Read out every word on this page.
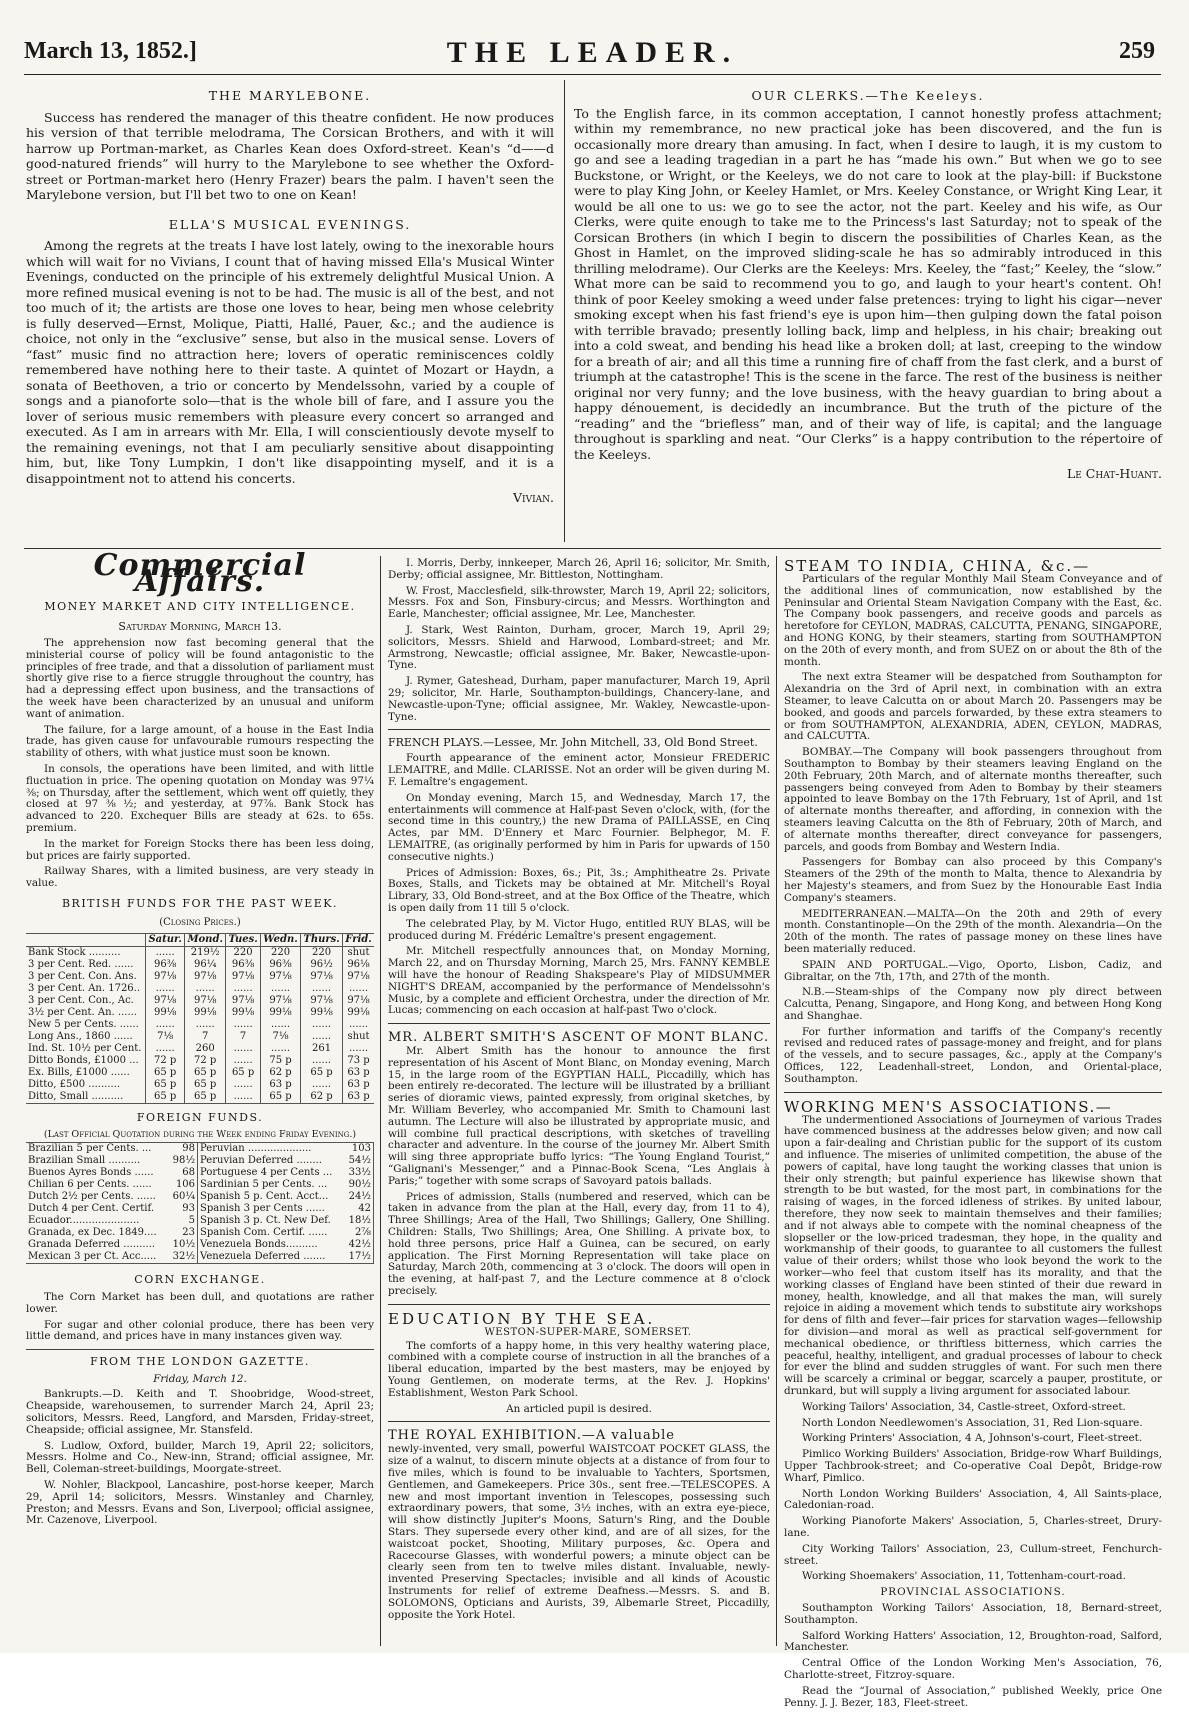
March 13, 1852.]	THE LEADER.	259
THE MARYLEBONE.

Success has rendered the manager of this theatre confident. He now produces his version of that terrible melodrama, The Corsican Brothers, and with it will harrow up Portman-market, as Charles Kean does Oxford-street. Kean's “d——d good-natured friends” will hurry to the Marylebone to see whether the Oxford-street or Portman-market hero (Henry Frazer) bears the palm. I haven't seen the Marylebone version, but I'll bet two to one on Kean!

ELLA'S MUSICAL EVENINGS.

Among the regrets at the treats I have lost lately, owing to the inexorable hours which will wait for no Vivians, I count that of having missed Ella's Musical Winter Evenings, conducted on the principle of his extremely delightful Musical Union. A more refined musical evening is not to be had. The music is all of the best, and not too much of it; the artists are those one loves to hear, being men whose celebrity is fully deserved—Ernst, Molique, Piatti, Hallé, Pauer, &c.; and the audience is choice, not only in the “exclusive” sense, but also in the musical sense. Lovers of “fast” music find no attraction here; lovers of operatic reminiscences coldly remembered have nothing here to their taste. A quintet of Mozart or Haydn, a sonata of Beethoven, a trio or concerto by Mendelssohn, varied by a couple of songs and a pianoforte solo—that is the whole bill of fare, and I assure you the lover of serious music remembers with pleasure every concert so arranged and executed. As I am in arrears with Mr. Ella, I will conscientiously devote myself to the remaining evenings, not that I am peculiarly sensitive about disappointing him, but, like Tony Lumpkin, I don't like disappointing myself, and it is a disappointment not to attend his concerts.

Vivian.

OUR CLERKS.—The Keeleys.

To the English farce, in its common acceptation, I cannot honestly profess attachment; within my remembrance, no new practical joke has been discovered, and the fun is occasionally more dreary than amusing. In fact, when I desire to laugh, it is my custom to go and see a leading tragedian in a part he has “made his own.” But when we go to see Buckstone, or Wright, or the Keeleys, we do not care to look at the play-bill: if Buckstone were to play King John, or Keeley Hamlet, or Mrs. Keeley Constance, or Wright King Lear, it would be all one to us: we go to see the actor, not the part. Keeley and his wife, as Our Clerks, were quite enough to take me to the Princess's last Saturday; not to speak of the Corsican Brothers (in which I begin to discern the possibilities of Charles Kean, as the Ghost in Hamlet, on the improved sliding-scale he has so admirably introduced in this thrilling melodrame). Our Clerks are the Keeleys: Mrs. Keeley, the “fast;” Keeley, the “slow.” What more can be said to recommend you to go, and laugh to your heart's content. Oh! think of poor Keeley smoking a weed under false pretences: trying to light his cigar—never smoking except when his fast friend's eye is upon him—then gulping down the fatal poison with terrible bravado; presently lolling back, limp and helpless, in his chair; breaking out into a cold sweat, and bending his head like a broken doll; at last, creeping to the window for a breath of air; and all this time a running fire of chaff from the fast clerk, and a burst of triumph at the catastrophe! This is the scene in the farce. The rest of the business is neither original nor very funny; and the love business, with the heavy guardian to bring about a happy dénouement, is decidedly an incumbrance. But the truth of the picture of the “reading” and the “briefless” man, and of their way of life, is capital; and the language throughout is sparkling and neat. “Our Clerks” is a happy contribution to the répertoire of the Keeleys.

Le Chat-Huant.

Commercial Affairs.
MONEY MARKET AND CITY INTELLIGENCE.

Saturday Morning, March 13.

The apprehension now fast becoming general that the ministerial course of policy will be found antagonistic to the principles of free trade, and that a dissolution of parliament must shortly give rise to a fierce struggle throughout the country, has had a depressing effect upon business, and the transactions of the week have been characterized by an unusual and uniform want of animation.

The failure, for a large amount, of a house in the East India trade, has given cause for unfavourable rumours respecting the stability of others, with what justice must soon be known.

In consols, the operations have been limited, and with little fluctuation in price. The opening quotation on Monday was 97¼ ⅜; on Thursday, after the settlement, which went off quietly, they closed at 97 ⅜ ½; and yesterday, at 97⅞. Bank Stock has advanced to 220. Exchequer Bills are steady at 62s. to 65s. premium.

In the market for Foreign Stocks there has been less doing, but prices are fairly supported.

Railway Shares, with a limited business, are very steady in value.

BRITISH FUNDS FOR THE PAST WEEK.

(Closing Prices.)

	Satur.	Mond.	Tues.	Wedn.	Thurs.	Frid.
Bank Stock ..........	......	219½	220	220	220	shut
3 per Cent. Red. ......	96⅜	96¼	96⅜	96⅜	96½	96⅛
3 per Cent. Con. Ans.	97⅛	97⅛	97⅛	97⅛	97⅛	97⅛
3 per Cent. An. 1726..	......	......	......	......	......	......
3 per Cent. Con., Ac.	97⅛	97⅛	97⅛	97⅛	97⅛	97⅛
3½ per Cent. An. ......	99⅛	99⅛	99⅛	99⅛	99⅛	99⅛
New 5 per Cents. ......	......	......	......	......	......	......
Long Ans., 1860 ......	7⅛	7	7	7⅛	......	shut
Ind. St. 10½ per Cent.	......	260	......	......	261	......
Ditto Bonds, £1000 ...	72 p	72 p	......	75 p	......	73 p
Ex. Bills, £1000 ......	65 p	65 p	65 p	62 p	65 p	63 p
Ditto, £500 ..........	65 p	65 p	......	63 p	......	63 p
Ditto, Small ..........	65 p	65 p	......	65 p	62 p	63 p
FOREIGN FUNDS.

(Last Official Quotation during the Week ending Friday Evening.)

Brazilian 5 per Cents. ...	98	Peruvian ....................	103
Brazilian Small ..........	98½	Peruvian Deferred ........	54½
Buenos Ayres Bonds ......	68	Portuguese 4 per Cents ...	33½
Chilian 6 per Cents. ......	106	Sardinian 5 per Cents. ...	90½
Dutch 2½ per Cents. ......	60¼	Spanish 5 p. Cent. Acct...	24½
Dutch 4 per Cent. Certif.	93	Spanish 3 per Cents ......	42
Ecuador......................	5	Spanish 3 p. Ct. New Def.	18½
Granada, ex Dec. 1849....	23	Spanish Com. Certif. ......	2⅞
Granada Deferred ..........	10½	Venezuela Bonds..........	42½
Mexican 3 per Ct. Acc.....	32½	Venezuela Deferred .......	17½
CORN EXCHANGE.

The Corn Market has been dull, and quotations are rather lower.

For sugar and other colonial produce, there has been very little demand, and prices have in many instances given way.

FROM THE LONDON GAZETTE.

Friday, March 12.

Bankrupts.—D. Keith and T. Shoobridge, Wood-street, Cheapside, warehousemen, to surrender March 24, April 23; solicitors, Messrs. Reed, Langford, and Marsden, Friday-street, Cheapside; official assignee, Mr. Stansfeld.

S. Ludlow, Oxford, builder, March 19, April 22; solicitors, Messrs. Holme and Co., New-inn, Strand; official assignee, Mr. Bell, Coleman-street-buildings, Moorgate-street.

W. Nohler, Blackpool, Lancashire, post-horse keeper, March 29, April 14; solicitors, Messrs. Winstanley and Charnley, Preston; and Messrs. Evans and Son, Liverpool; official assignee, Mr. Cazenove, Liverpool.

I. Morris, Derby, innkeeper, March 26, April 16; solicitor, Mr. Smith, Derby; official assignee, Mr. Bittleston, Nottingham.

W. Frost, Macclesfield, silk-throwster, March 19, April 22; solicitors, Messrs. Fox and Son, Finsbury-circus; and Messrs. Worthington and Earle, Manchester; official assignee, Mr. Lee, Manchester.

J. Stark, West Rainton, Durham, grocer, March 19, April 29; solicitors, Messrs. Shield and Harwood, Lombard-street; and Mr. Armstrong, Newcastle; official assignee, Mr. Baker, Newcastle-upon-Tyne.

J. Rymer, Gateshead, Durham, paper manufacturer, March 19, April 29; solicitor, Mr. Harle, Southampton-buildings, Chancery-lane, and Newcastle-upon-Tyne; official assignee, Mr. Wakley, Newcastle-upon-Tyne.

FRENCH PLAYS.—Lessee, Mr. John Mitchell, 33, Old Bond Street.

Fourth appearance of the eminent actor, Monsieur FREDERIC LEMAITRE, and Mdlle. CLARISSE. Not an order will be given during M. F. Lemaître's engagement.

On Monday evening, March 15, and Wednesday, March 17, the entertainments will commence at Half-past Seven o'clock, with, (for the second time in this country,) the new Drama of PAILLASSE, en Cinq Actes, par MM. D'Ennery et Marc Fournier. Belphegor, M. F. LEMAITRE, (as originally performed by him in Paris for upwards of 150 consecutive nights.)

Prices of Admission: Boxes, 6s.; Pit, 3s.; Amphitheatre 2s. Private Boxes, Stalls, and Tickets may be obtained at Mr. Mitchell's Royal Library, 33, Old Bond-street, and at the Box Office of the Theatre, which is open daily from 11 till 5 o'clock.

The celebrated Play, by M. Victor Hugo, entitled RUY BLAS, will be produced during M. Frédéric Lemaître's present engagement.

Mr. Mitchell respectfully announces that, on Monday Morning, March 22, and on Thursday Morning, March 25, Mrs. FANNY KEMBLE will have the honour of Reading Shakspeare's Play of MIDSUMMER NIGHT'S DREAM, accompanied by the performance of Mendelssohn's Music, by a complete and efficient Orchestra, under the direction of Mr. Lucas; commencing on each occasion at half-past Two o'clock.

MR. ALBERT SMITH'S ASCENT OF MONT BLANC.

Mr. Albert Smith has the honour to announce the first representation of his Ascent of Mont Blanc, on Monday evening, March 15, in the large room of the EGYPTIAN HALL, Piccadilly, which has been entirely re-decorated. The lecture will be illustrated by a brilliant series of dioramic views, painted expressly, from original sketches, by Mr. William Beverley, who accompanied Mr. Smith to Chamouni last autumn. The Lecture will also be illustrated by appropriate music, and will combine full practical descriptions, with sketches of travelling character and adventure. In the course of the journey Mr. Albert Smith will sing three appropriate buffo lyrics: “The Young England Tourist,” “Galignani's Messenger,” and a Pinnac-Book Scena, “Les Anglais à Paris;” together with some scraps of Savoyard patois ballads.

Prices of admission, Stalls (numbered and reserved, which can be taken in advance from the plan at the Hall, every day, from 11 to 4), Three Shillings; Area of the Hall, Two Shillings; Gallery, One Shilling. Children: Stalls, Two Shillings; Area, One Shilling. A private box, to hold three persons, price Half a Guinea, can be secured, on early application. The First Morning Representation will take place on Saturday, March 20th, commencing at 3 o'clock. The doors will open in the evening, at half-past 7, and the Lecture commence at 8 o'clock precisely.

EDUCATION BY THE SEA.

WESTON-SUPER-MARE, SOMERSET.

The comforts of a happy home, in this very healthy watering place, combined with a complete course of instruction in all the branches of a liberal education, imparted by the best masters, may be enjoyed by Young Gentlemen, on moderate terms, at the Rev. J. Hopkins' Establishment, Weston Park School.

An articled pupil is desired.

THE ROYAL EXHIBITION.—A valuable

newly-invented, very small, powerful WAISTCOAT POCKET GLASS, the size of a walnut, to discern minute objects at a distance of from four to five miles, which is found to be invaluable to Yachters, Sportsmen, Gentlemen, and Gamekeepers. Price 30s., sent free.—TELESCOPES. A new and most important invention in Telescopes, possessing such extraordinary powers, that some, 3½ inches, with an extra eye-piece, will show distinctly Jupiter's Moons, Saturn's Ring, and the Double Stars. They supersede every other kind, and are of all sizes, for the waistcoat pocket, Shooting, Military purposes, &c. Opera and Racecourse Glasses, with wonderful powers; a minute object can be clearly seen from ten to twelve miles distant. Invaluable, newly-invented Preserving Spectacles; invisible and all kinds of Acoustic Instruments for relief of extreme Deafness.—Messrs. S. and B. SOLOMONS, Opticians and Aurists, 39, Albemarle Street, Piccadilly, opposite the York Hotel.

STEAM TO INDIA, CHINA, &c.—

Particulars of the regular Monthly Mail Steam Conveyance and of the additional lines of communication, now established by the Peninsular and Oriental Steam Navigation Company with the East, &c. The Company book passengers, and receive goods and parcels as heretofore for CEYLON, MADRAS, CALCUTTA, PENANG, SINGAPORE, and HONG KONG, by their steamers, starting from SOUTHAMPTON on the 20th of every month, and from SUEZ on or about the 8th of the month.

The next extra Steamer will be despatched from Southampton for Alexandria on the 3rd of April next, in combination with an extra Steamer, to leave Calcutta on or about March 20. Passengers may be booked, and goods and parcels forwarded, by these extra steamers to or from SOUTHAMPTON, ALEXANDRIA, ADEN, CEYLON, MADRAS, and CALCUTTA.

BOMBAY.—The Company will book passengers throughout from Southampton to Bombay by their steamers leaving England on the 20th February, 20th March, and of alternate months thereafter, such passengers being conveyed from Aden to Bombay by their steamers appointed to leave Bombay on the 17th February, 1st of April, and 1st of alternate months thereafter, and affording, in connexion with the steamers leaving Calcutta on the 8th of February, 20th of March, and of alternate months thereafter, direct conveyance for passengers, parcels, and goods from Bombay and Western India.

Passengers for Bombay can also proceed by this Company's Steamers of the 29th of the month to Malta, thence to Alexandria by her Majesty's steamers, and from Suez by the Honourable East India Company's steamers.

MEDITERRANEAN.—MALTA—On the 20th and 29th of every month. Constantinople—On the 29th of the month. Alexandria—On the 20th of the month. The rates of passage money on these lines have been materially reduced.

SPAIN AND PORTUGAL.—Vigo, Oporto, Lisbon, Cadiz, and Gibraltar, on the 7th, 17th, and 27th of the month.

N.B.—Steam-ships of the Company now ply direct between Calcutta, Penang, Singapore, and Hong Kong, and between Hong Kong and Shanghae.

For further information and tariffs of the Company's recently revised and reduced rates of passage-money and freight, and for plans of the vessels, and to secure passages, &c., apply at the Company's Offices, 122, Leadenhall-street, London, and Oriental-place, Southampton.

WORKING MEN'S ASSOCIATIONS.—

The undermentioned Associations of Journeymen of various Trades have commenced business at the addresses below given; and now call upon a fair-dealing and Christian public for the support of its custom and influence. The miseries of unlimited competition, the abuse of the powers of capital, have long taught the working classes that union is their only strength; but painful experience has likewise shown that strength to be but wasted, for the most part, in combinations for the raising of wages, in the forced idleness of strikes. By united labour, therefore, they now seek to maintain themselves and their families; and if not always able to compete with the nominal cheapness of the slopseller or the low-priced tradesman, they hope, in the quality and workmanship of their goods, to guarantee to all customers the fullest value of their orders; whilst those who look beyond the work to the worker—who feel that custom itself has its morality, and that the working classes of England have been stinted of their due reward in money, health, knowledge, and all that makes the man, will surely rejoice in aiding a movement which tends to substitute airy workshops for dens of filth and fever—fair prices for starvation wages—fellowship for division—and moral as well as practical self-government for mechanical obedience, or thriftless bitterness, which carries the peaceful, healthy, intelligent, and gradual processes of labour to check for ever the blind and sudden struggles of want. For such men there will be scarcely a criminal or beggar, scarcely a pauper, prostitute, or drunkard, but will supply a living argument for associated labour.

Working Tailors' Association, 34, Castle-street, Oxford-street.

North London Needlewomen's Association, 31, Red Lion-square.

Working Printers' Association, 4 A, Johnson's-court, Fleet-street.

Pimlico Working Builders' Association, Bridge-row Wharf Buildings, Upper Tachbrook-street; and Co-operative Coal Depôt, Bridge-row Wharf, Pimlico.

North London Working Builders' Association, 4, All Saints-place, Caledonian-road.

Working Pianoforte Makers' Association, 5, Charles-street, Drury-lane.

City Working Tailors' Association, 23, Cullum-street, Fenchurch-street.

Working Shoemakers' Association, 11, Tottenham-court-road.

PROVINCIAL ASSOCIATIONS.

Southampton Working Tailors' Association, 18, Bernard-street, Southampton.

Salford Working Hatters' Association, 12, Broughton-road, Salford, Manchester.

Central Office of the London Working Men's Association, 76, Charlotte-street, Fitzroy-square.

Read the “Journal of Association,” published Weekly, price One Penny. J. J. Bezer, 183, Fleet-street.
